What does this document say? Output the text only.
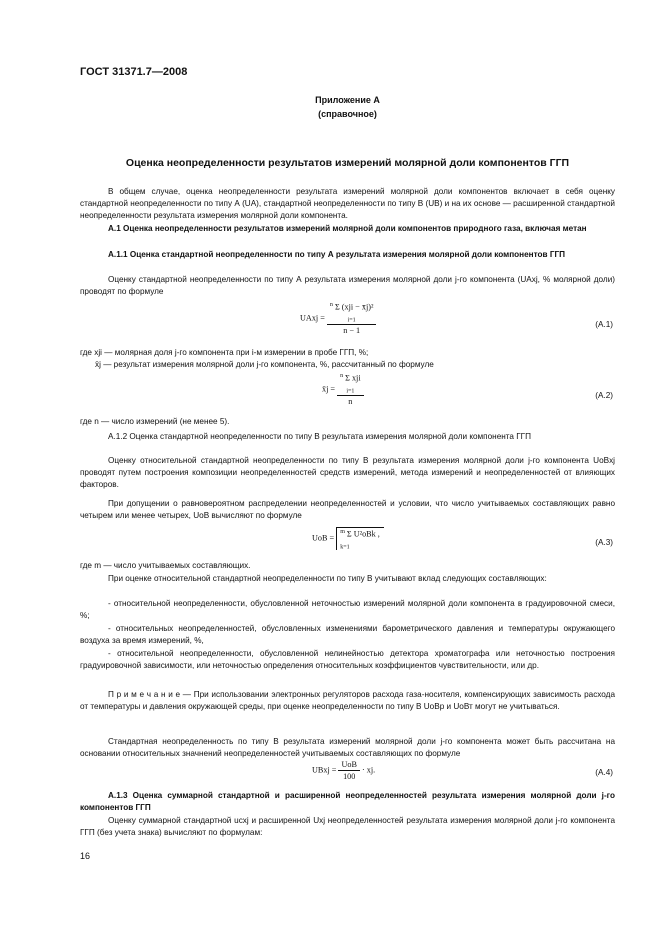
ГОСТ 31371.7—2008
Приложение А
(справочное)
Оценка неопределенности результатов измерений молярной доли компонентов ГГП
В общем случае, оценка неопределенности результата измерений молярной доли компонентов включает в себя оценку стандартной неопределенности по типу А (UA), стандартной неопределенности по типу В (UB) и на их основе — расширенной стандартной неопределенности результата измерения молярной доли компонента.
А.1 Оценка неопределенности результатов измерений молярной доли компонентов природного газа, включая метан
А.1.1 Оценка стандартной неопределенности по типу А результата измерения молярной доли компонентов ГГП
Оценку стандартной неопределенности по типу А результата измерения молярной доли j-го компонента (UAxj, % молярной доли) проводят по формуле
UAxj =
$^n$ Σ (xji − x̄j)²
$_{i=1}$
n − 1
(А.1)
где xji — молярная доля j-го компонента при i-м измерении в пробе ГГП, %;
x̄j — результат измерения молярной доли j-го компонента, %, рассчитанный по формуле
x̄j =
$^n$ Σ xji
$_{i=1}$
n
(А.2)
где n — число измерений (не менее 5).
А.1.2 Оценка стандартной неопределенности по типу В результата измерения молярной доли компонента ГГП
Оценку относительной стандартной неопределенности по типу В результата измерения молярной доли j-го компонента UоBxj проводят путем построения композиции неопределенностей средств измерений, метода измерений и неопределенностей от влияющих факторов.
При допущении о равновероятном распределении неопределенностей и условии, что число учитываемых составляющих равно четырем или менее четырех, UоВ вычисляют по формуле
UоВ = $^m$ Σ U²оВk ,
$_{k=1}$
(А.3)
где m — число учитываемых составляющих.
При оценке относительной стандартной неопределенности по типу В учитывают вклад следующих составляющих:
- относительной неопределенности, обусловленной неточностью измерений молярной доли компонента в градуировочной смеси, %;
- относительных неопределенностей, обусловленных изменениями барометрического давления и температуры окружающего воздуха за время измерений, %,
- относительной неопределенности, обусловленной нелинейностью детектора хроматографа или неточностью построения градуировочной зависимости, или неточностью определения относительных коэффициентов чувствительности, или др.
П р и м е ч а н и е — При использовании электронных регуляторов расхода газа-носителя, компенсирующих зависимость расхода от температуры и давления окружающей среды, при оценке неопределенности по типу В UоВр и UоВт могут не учитываться.
Стандартная неопределенность по типу В результата измерений молярной доли j-го компонента может быть рассчитана на основании относительных значнений неопределенностей учитываемых составляющих по формуле
UBxj = $\frac{\text{UоВ}}{100}$ · xj.	(А.4)
А.1.3 Оценка суммарной стандартной и расширенной неопределенностей результата измерения молярной доли j-го компонентов ГГП
Оценку суммарной стандартной ucxj и расширенной Uxj неопределенностей результата измерения молярной доли j-го компонента ГГП (без учета знака) вычисляют по формулам:
16
